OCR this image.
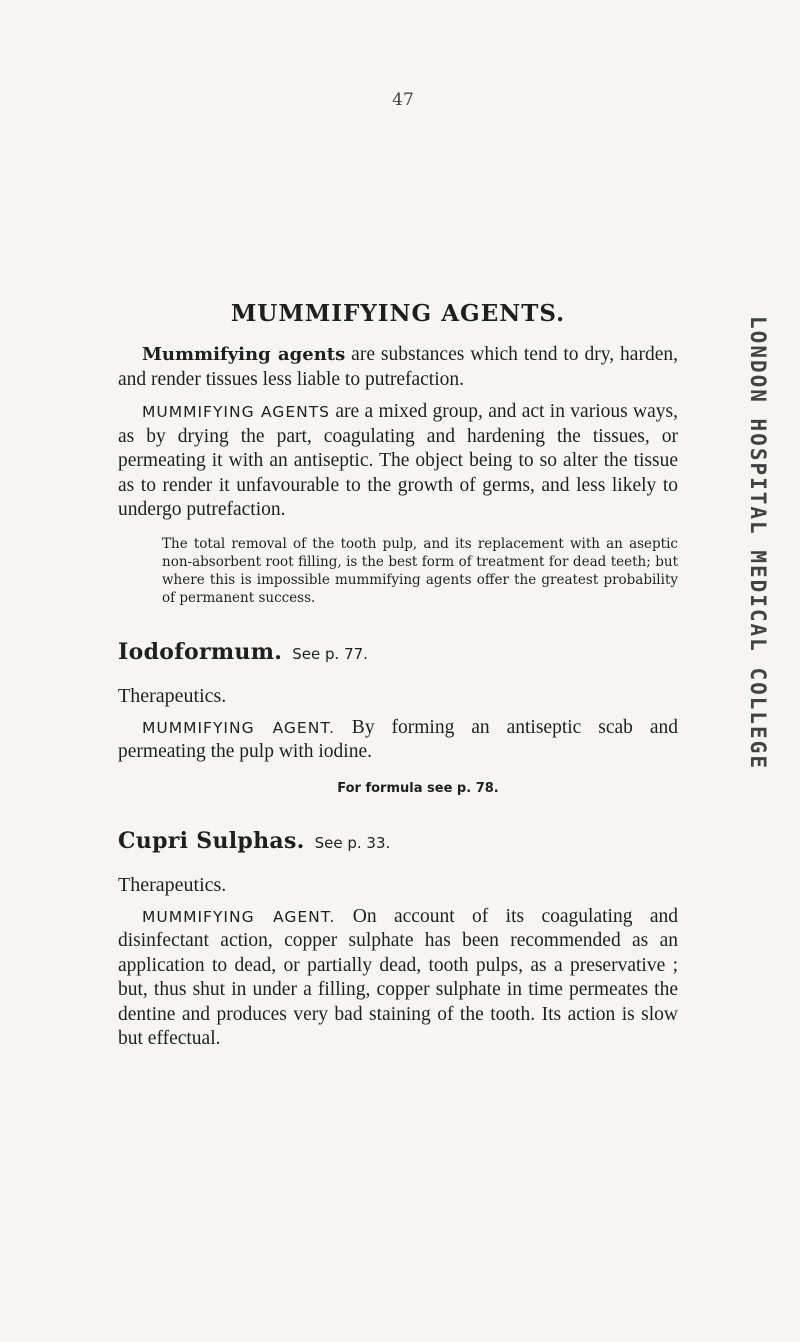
47
MUMMIFYING AGENTS.

Mummifying agents are substances which tend to dry, harden, and render tissues less liable to putrefaction.

MUMMIFYING AGENTS are a mixed group, and act in various ways, as by drying the part, coagulating and hardening the tissues, or permeating it with an antiseptic. The object being to so alter the tissue as to render it unfavourable to the growth of germs, and less likely to undergo putrefaction.

The total removal of the tooth pulp, and its replacement with an aseptic non-absorbent root filling, is the best form of treatment for dead teeth; but where this is impossible mummifying agents offer the greatest probability of permanent success.

Iodoformum. See p. 77.

Therapeutics.

MUMMIFYING AGENT. By forming an antiseptic scab and permeating the pulp with iodine.

For formula see p. 78.

Cupri Sulphas. See p. 33.

Therapeutics.

MUMMIFYING AGENT. On account of its coagulating and disinfectant action, copper sulphate has been recommended as an application to dead, or partially dead, tooth pulps, as a preservative ; but, thus shut in under a filling, copper sulphate in time permeates the dentine and produces very bad staining of the tooth. Its action is slow but effectual.

LONDON HOSPITAL MEDICAL COLLEGE
